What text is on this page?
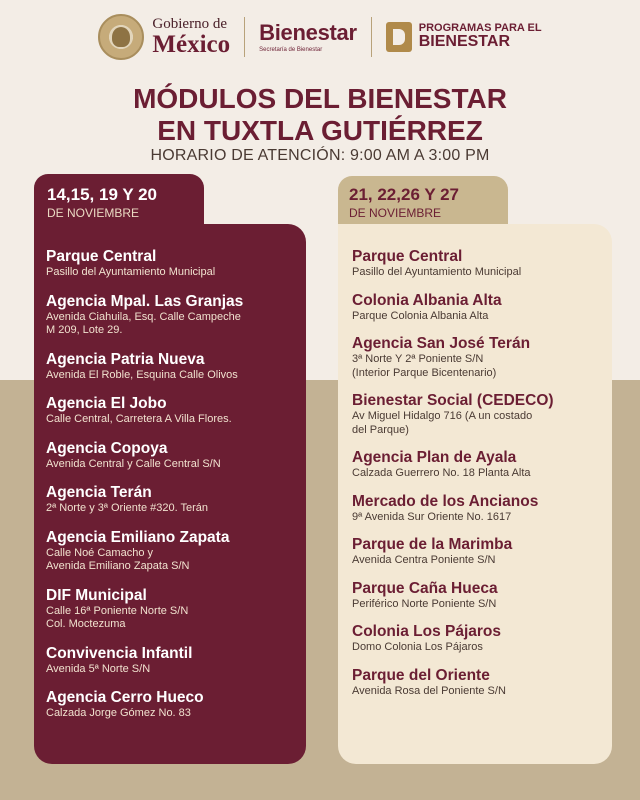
Gobierno de
México Bienestar
Secretaría de Bienestar
PROGRAMAS PARA EL
BIENESTAR
MÓDULOS DEL BIENESTAR
EN TUXTLA GUTIÉRREZ
HORARIO DE ATENCIÓN: 9:00 AM A 3:00 PM
14,15, 19 Y 20
DE NOVIEMBRE
21, 22,26 Y 27
DE NOVIEMBRE
Parque Central
Pasillo del Ayuntamiento Municipal
Agencia Mpal. Las Granjas
Avenida Ciahuila, Esq. Calle Campeche
M 209, Lote 29.
Agencia Patria Nueva
Avenida El Roble, Esquina Calle Olivos
Agencia El Jobo
Calle Central, Carretera A Villa Flores.
Agencia Copoya
Avenida Central y Calle Central S/N
Agencia Terán
2ª Norte y 3ª Oriente #320. Terán
Agencia Emiliano Zapata
Calle Noé Camacho y
Avenida Emiliano Zapata S/N
DIF Municipal
Calle 16ª Poniente Norte S/N
Col. Moctezuma
Convivencia Infantil
Avenida 5ª Norte S/N
Agencia Cerro Hueco
Calzada Jorge Gómez No. 83
Parque Central
Pasillo del Ayuntamiento Municipal
Colonia Albania Alta
Parque Colonia Albania Alta
Agencia San José Terán
3ª Norte Y 2ª Poniente S/N
(Interior Parque Bicentenario)
Bienestar Social (CEDECO)
Av Miguel Hidalgo 716 (A un costado
del Parque)
Agencia Plan de Ayala
Calzada Guerrero No. 18 Planta Alta
Mercado de los Ancianos
9ª Avenida Sur Oriente No. 1617
Parque de la Marimba
Avenida Centra Poniente S/N
Parque Caña Hueca
Periférico Norte Poniente S/N
Colonia Los Pájaros
Domo Colonia Los Pájaros
Parque del Oriente
Avenida Rosa del Poniente S/N
